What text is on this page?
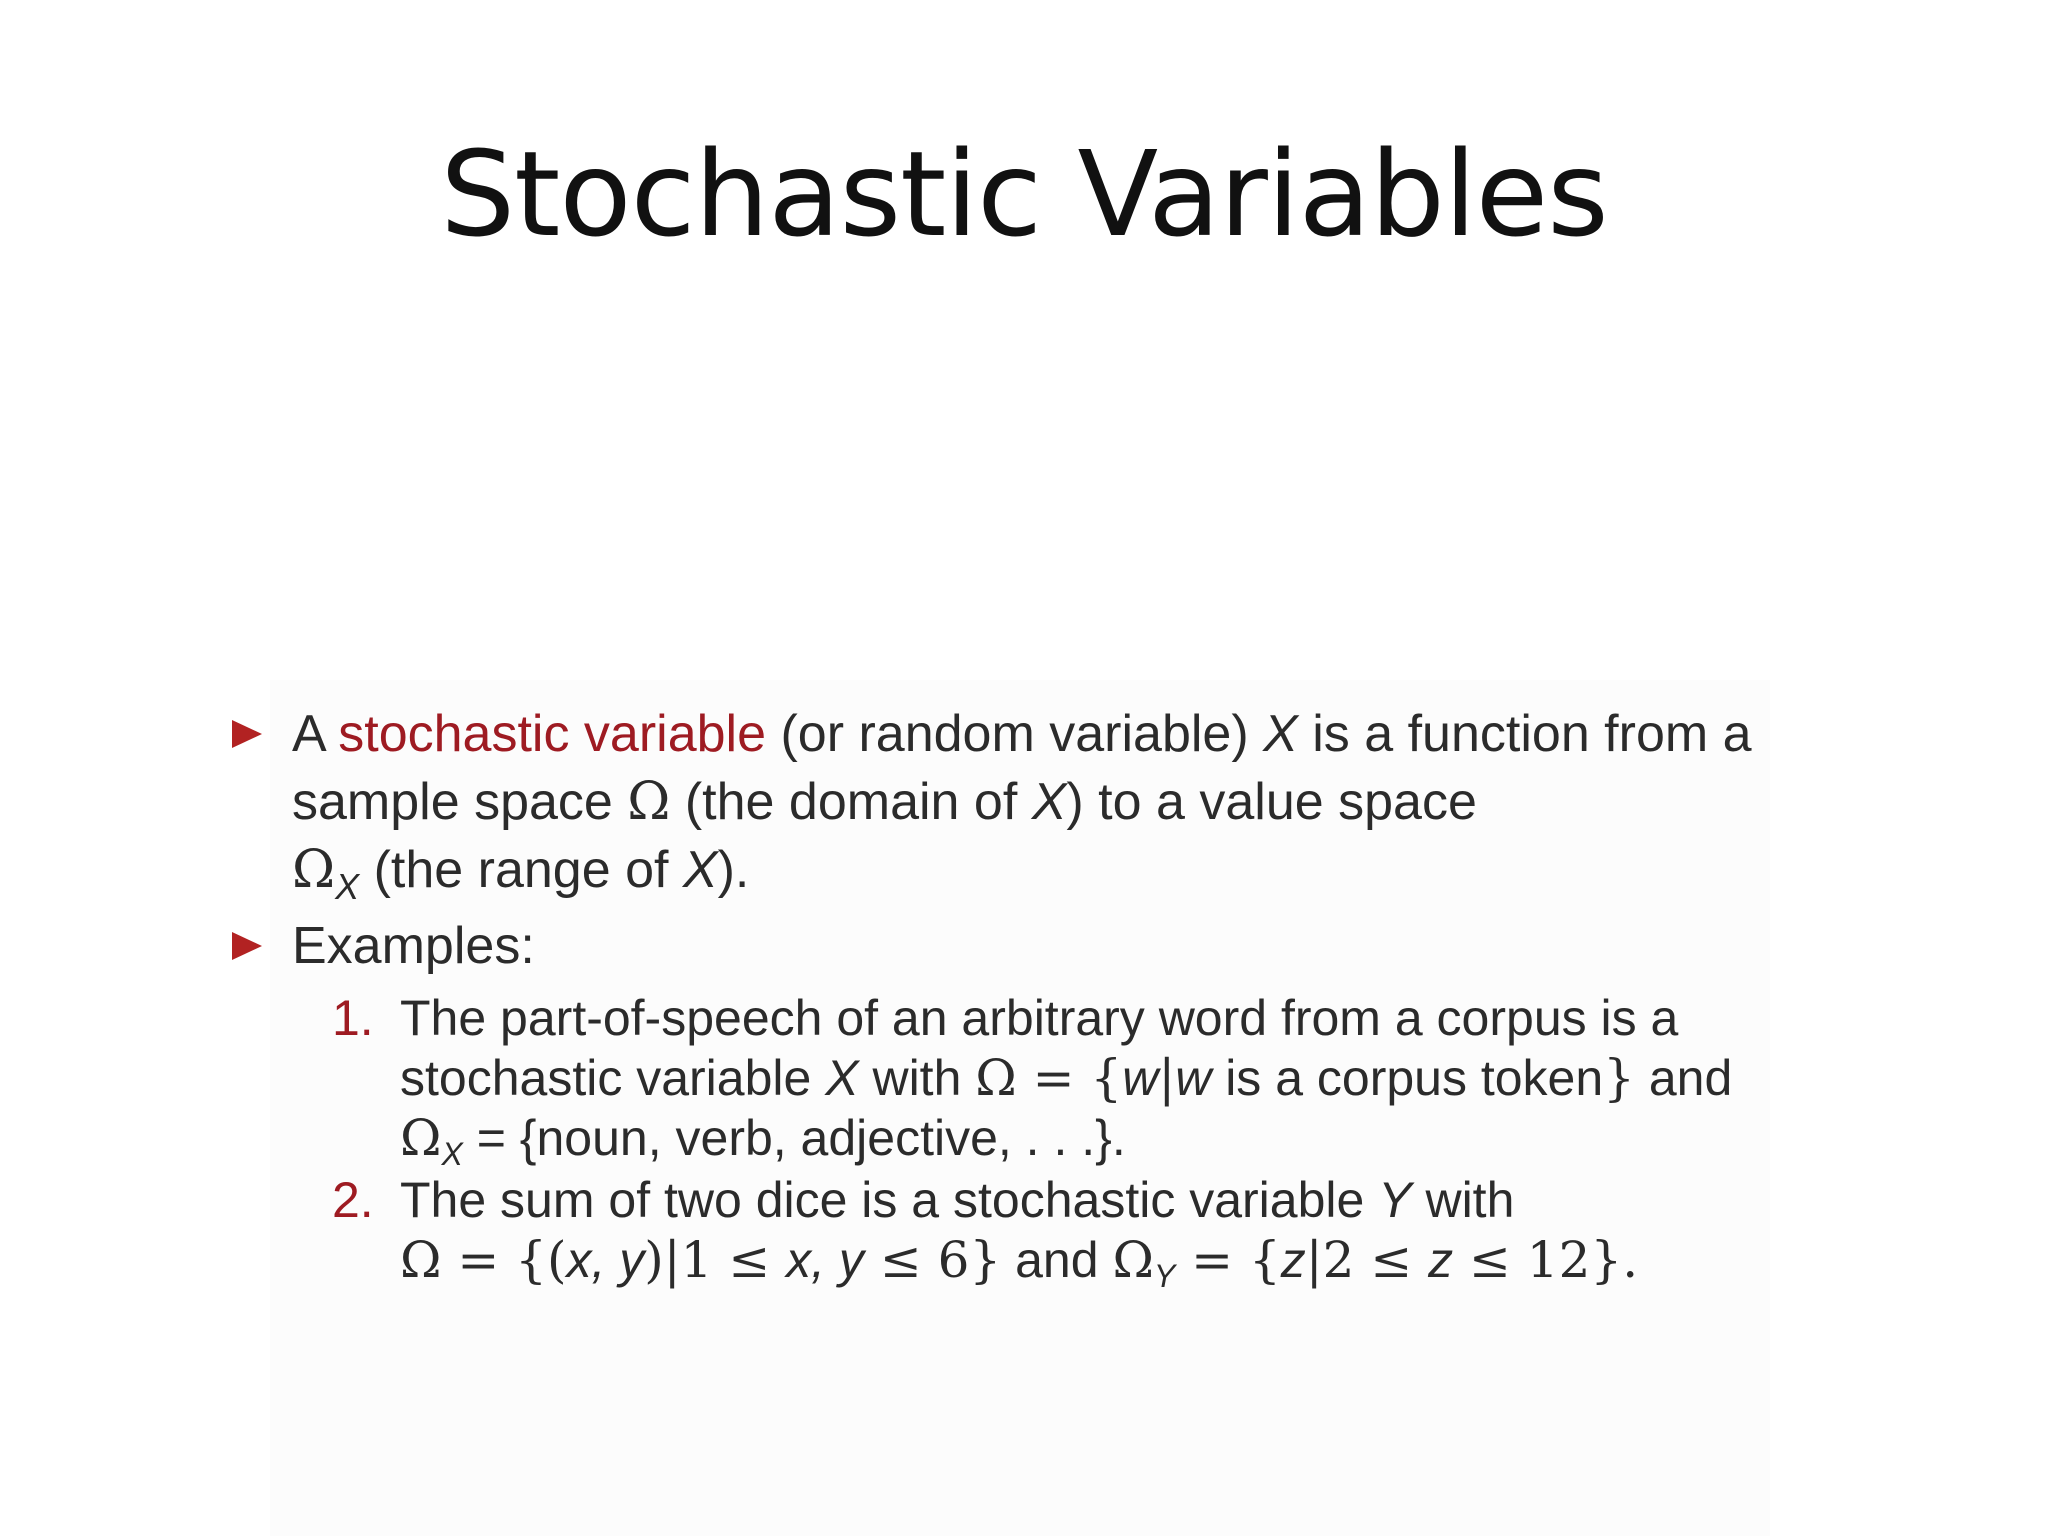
Stochastic Variables
A stochastic variable (or random variable) X is a function from a sample space Ω (the domain of X) to a value space
$\Omega_X$ (the range of X).
Examples:
1. The part-of-speech of an arbitrary word from a corpus is a stochastic variable X with Ω = {w|w is a corpus token} and
$\Omega_X$ = {noun, verb, adjective, . . .}.
2. The sum of two dice is a stochastic variable Y with
Ω = {(x, y)|1 ≤ x, y ≤ 6} and $\Omega_Y = \{z|2 \le z \le 12\}$.
